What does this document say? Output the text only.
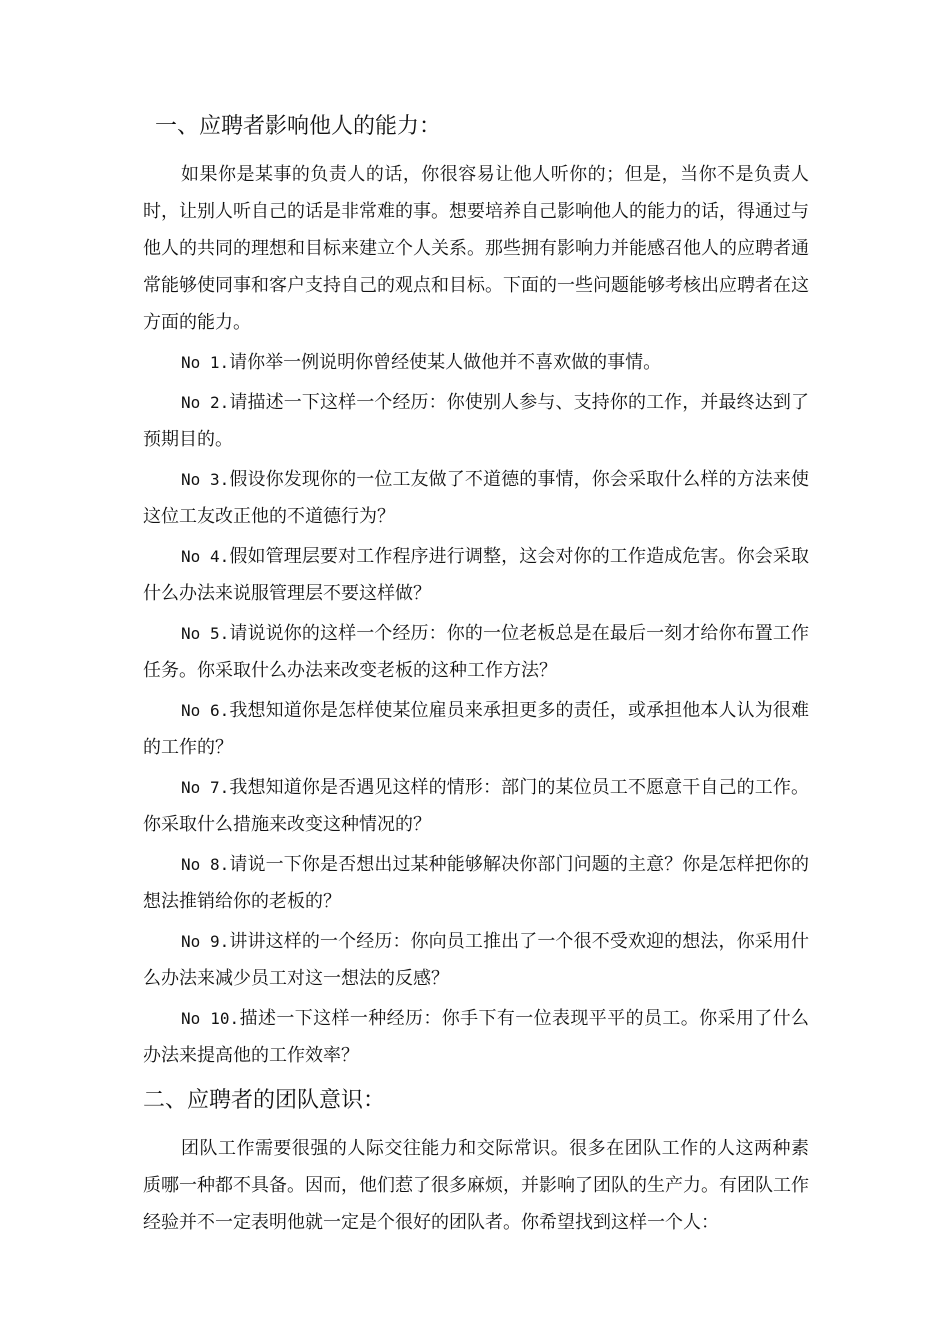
一、应聘者影响他人的能力：

如果你是某事的负责人的话，你很容易让他人听你的；但是，当你不是负责人时，让别人听自己的话是非常难的事。想要培养自己影响他人的能力的话，得通过与他人的共同的理想和目标来建立个人关系。那些拥有影响力并能感召他人的应聘者通常能够使同事和客户支持自己的观点和目标。下面的一些问题能够考核出应聘者在这方面的能力。

No 1.请你举一例说明你曾经使某人做他并不喜欢做的事情。
No 2.请描述一下这样一个经历：你使别人参与、支持你的工作，并最终达到了预期目的。
No 3.假设你发现你的一位工友做了不道德的事情，你会采取什么样的方法来使这位工友改正他的不道德行为？
No 4.假如管理层要对工作程序进行调整，这会对你的工作造成危害。你会采取什么办法来说服管理层不要这样做？
No 5.请说说你的这样一个经历：你的一位老板总是在最后一刻才给你布置工作任务。你采取什么办法来改变老板的这种工作方法？
No 6.我想知道你是怎样使某位雇员来承担更多的责任，或承担他本人认为很难的工作的？
No 7.我想知道你是否遇见这样的情形：部门的某位员工不愿意干自己的工作。你采取什么措施来改变这种情况的？
No 8.请说一下你是否想出过某种能够解决你部门问题的主意？你是怎样把你的想法推销给你的老板的？
No 9.讲讲这样的一个经历：你向员工推出了一个很不受欢迎的想法，你采用什么办法来减少员工对这一想法的反感？
No 10.描述一下这样一种经历：你手下有一位表现平平的员工。你采用了什么办法来提高他的工作效率？
二、应聘者的团队意识：

团队工作需要很强的人际交往能力和交际常识。很多在团队工作的人这两种素质哪一种都不具备。因而，他们惹了很多麻烦，并影响了团队的生产力。有团队工作经验并不一定表明他就一定是个很好的团队者。你希望找到这样一个人：
